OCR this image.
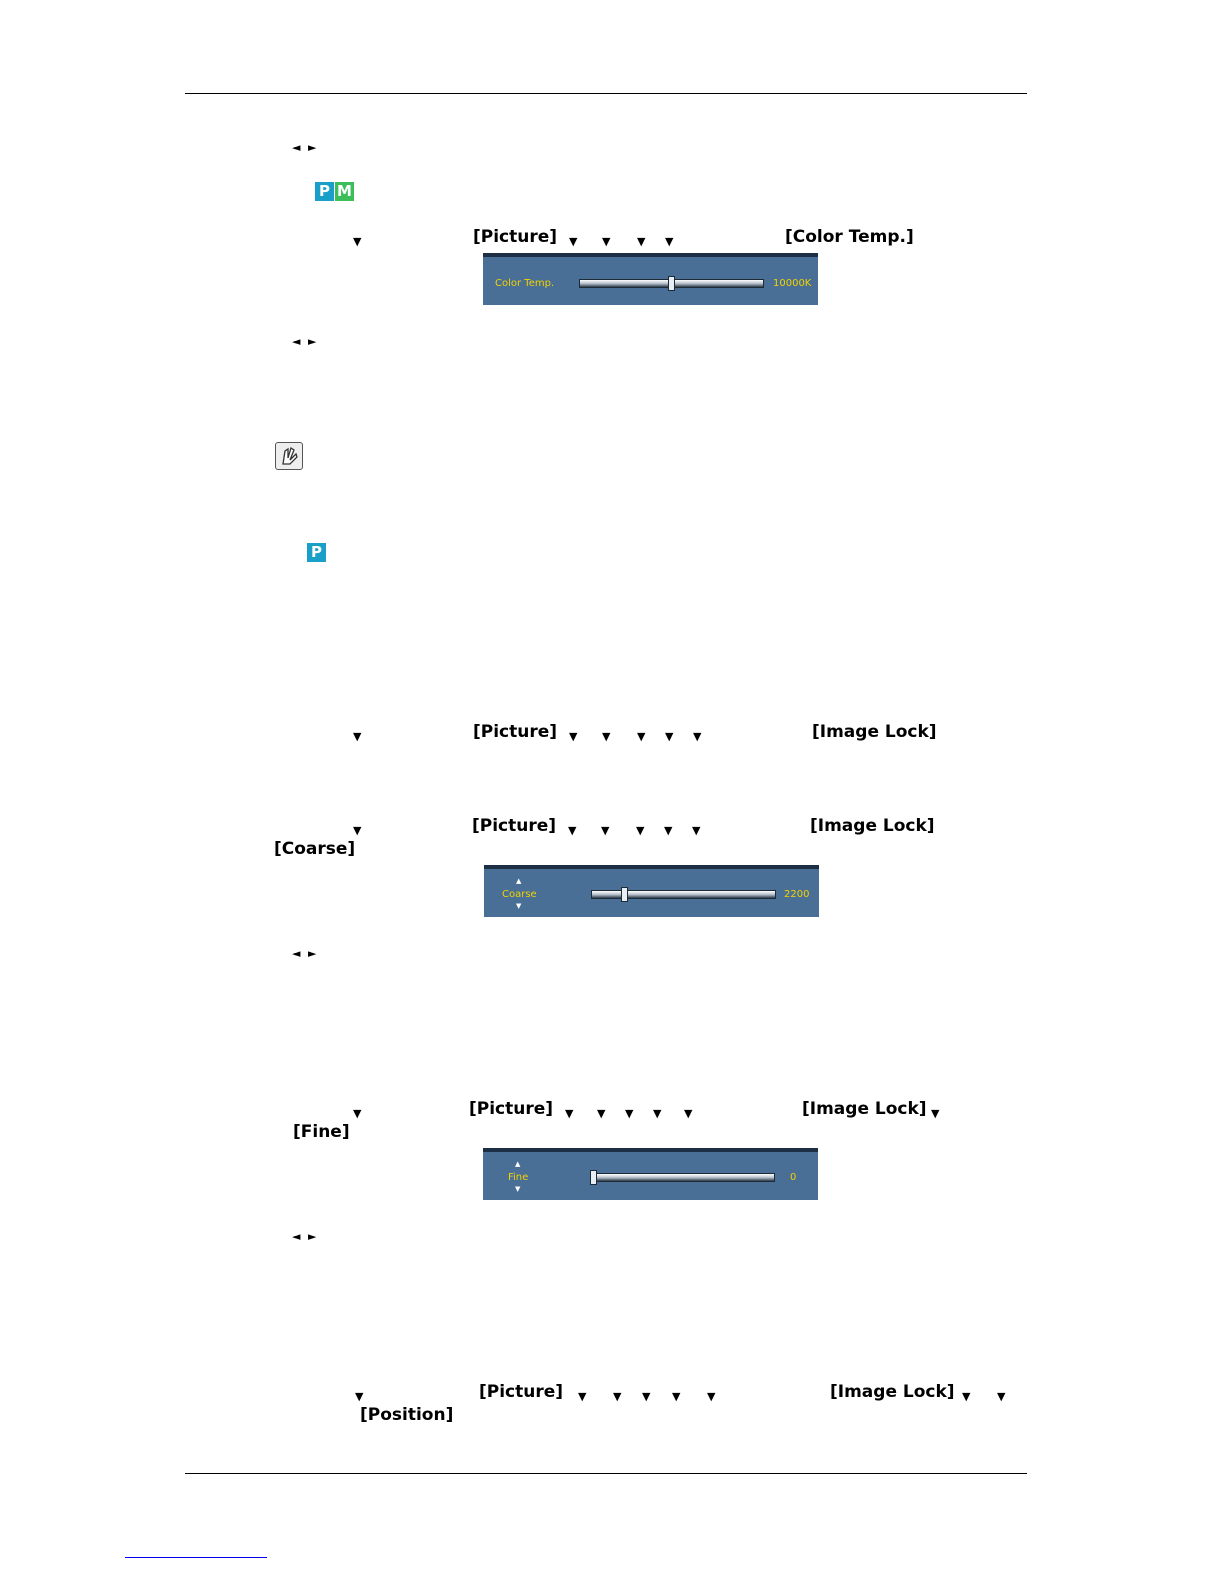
◄ ►
P M
▼	[Picture] ▼ ▼ ▼ ▼	[Color Temp.]
Color Temp.	10000K
◄ ►
P
▼	[Picture] ▼ ▼ ▼ ▼ ▼	[Image Lock]
▼	[Picture] ▼ ▼ ▼ ▼ ▼	[Image Lock]
[Coarse]
▲
Coarse
▼
2200
◄ ►
▼	[Picture] ▼ ▼ ▼ ▼ ▼	[Image Lock] ▼
[Fine]
▲
Fine
▼
0
◄ ►
▼	[Picture] ▼ ▼ ▼ ▼ ▼	[Image Lock] ▼ ▼
[Position]
